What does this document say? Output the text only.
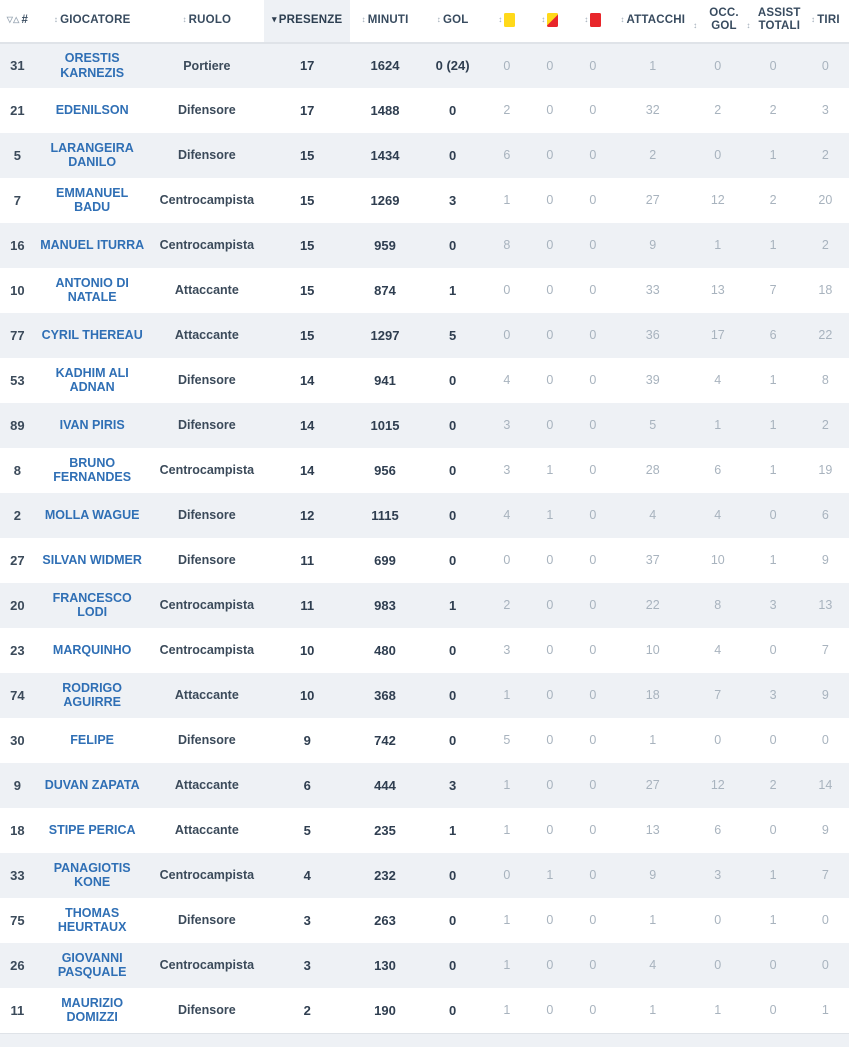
▽△ #	↕ GIOCATORE	↕ RUOLO	▾ PRESENZE	↕ MINUTI	↕ GOL	↕	↕	↕	↕ ATTACCHI	↕OCC. GOL	↕ASSIST TOTALI	↕ TIRI
31	ORESTIS KARNEZIS	Portiere	17	1624	0 (24)	0	0	0	1	0	0	0
21	EDENILSON	Difensore	17	1488	0	2	0	0	32	2	2	3
5	LARANGEIRA DANILO	Difensore	15	1434	0	6	0	0	2	0	1	2
7	EMMANUEL BADU	Centrocampista	15	1269	3	1	0	0	27	12	2	20
16	MANUEL ITURRA	Centrocampista	15	959	0	8	0	0	9	1	1	2
10	ANTONIO DI NATALE	Attaccante	15	874	1	0	0	0	33	13	7	18
77	CYRIL THEREAU	Attaccante	15	1297	5	0	0	0	36	17	6	22
53	KADHIM ALI ADNAN	Difensore	14	941	0	4	0	0	39	4	1	8
89	IVAN PIRIS	Difensore	14	1015	0	3	0	0	5	1	1	2
8	BRUNO FERNANDES	Centrocampista	14	956	0	3	1	0	28	6	1	19
2	MOLLA WAGUE	Difensore	12	1115	0	4	1	0	4	4	0	6
27	SILVAN WIDMER	Difensore	11	699	0	0	0	0	37	10	1	9
20	FRANCESCO LODI	Centrocampista	11	983	1	2	0	0	22	8	3	13
23	MARQUINHO	Centrocampista	10	480	0	3	0	0	10	4	0	7
74	RODRIGO AGUIRRE	Attaccante	10	368	0	1	0	0	18	7	3	9
30	FELIPE	Difensore	9	742	0	5	0	0	1	0	0	0
9	DUVAN ZAPATA	Attaccante	6	444	3	1	0	0	27	12	2	14
18	STIPE PERICA	Attaccante	5	235	1	1	0	0	13	6	0	9
33	PANAGIOTIS KONE	Centrocampista	4	232	0	0	1	0	9	3	1	7
75	THOMAS HEURTAUX	Difensore	3	263	0	1	0	0	1	0	1	0
26	GIOVANNI PASQUALE	Centrocampista	3	130	0	1	0	0	4	0	0	0
11	MAURIZIO DOMIZZI	Difensore	2	190	0	1	0	0	1	1	0	1
